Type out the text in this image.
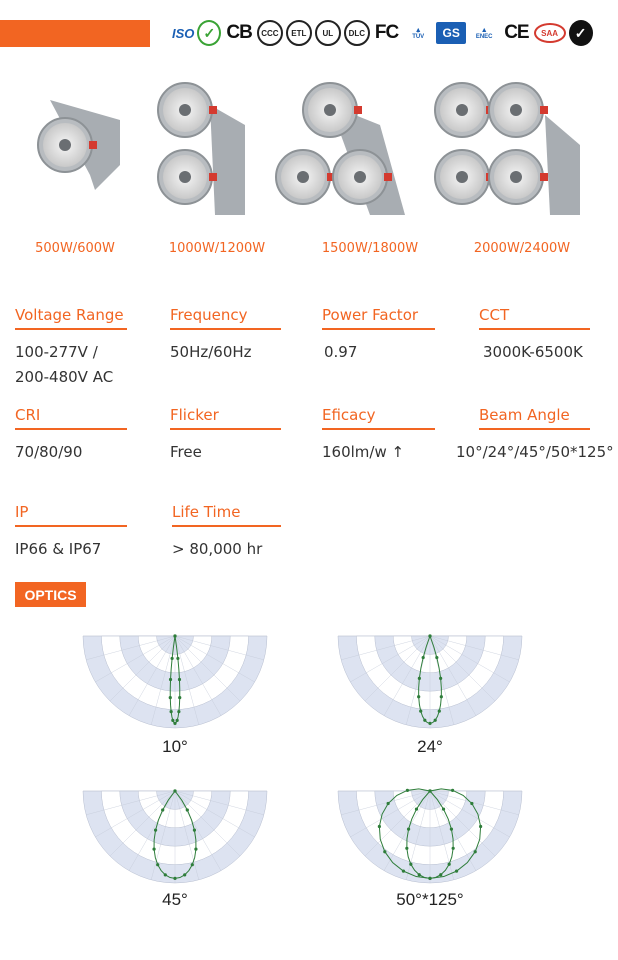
ISO ✓ CB	CCC	ETL	UL	DLC FC	▲
TÜV	GS	▲
ENEC CE	SAA	✓
500W/600W	1000W/1200W	1500W/1800W	2000W/2400W
Voltage Range
100-277V /
200-480V AC
Frequency
50Hz/60Hz
Power Factor
0.97
CCT
3000K-6500K
CRI
70/80/90
Flicker
Free
Eficacy
160lm/w ↑
Beam Angle
10°/24°/45°/50*125°
IP
IP66 & IP67
Life Time
> 80,000 hr
OPTICS
10°	24°
45°	50°*125°
